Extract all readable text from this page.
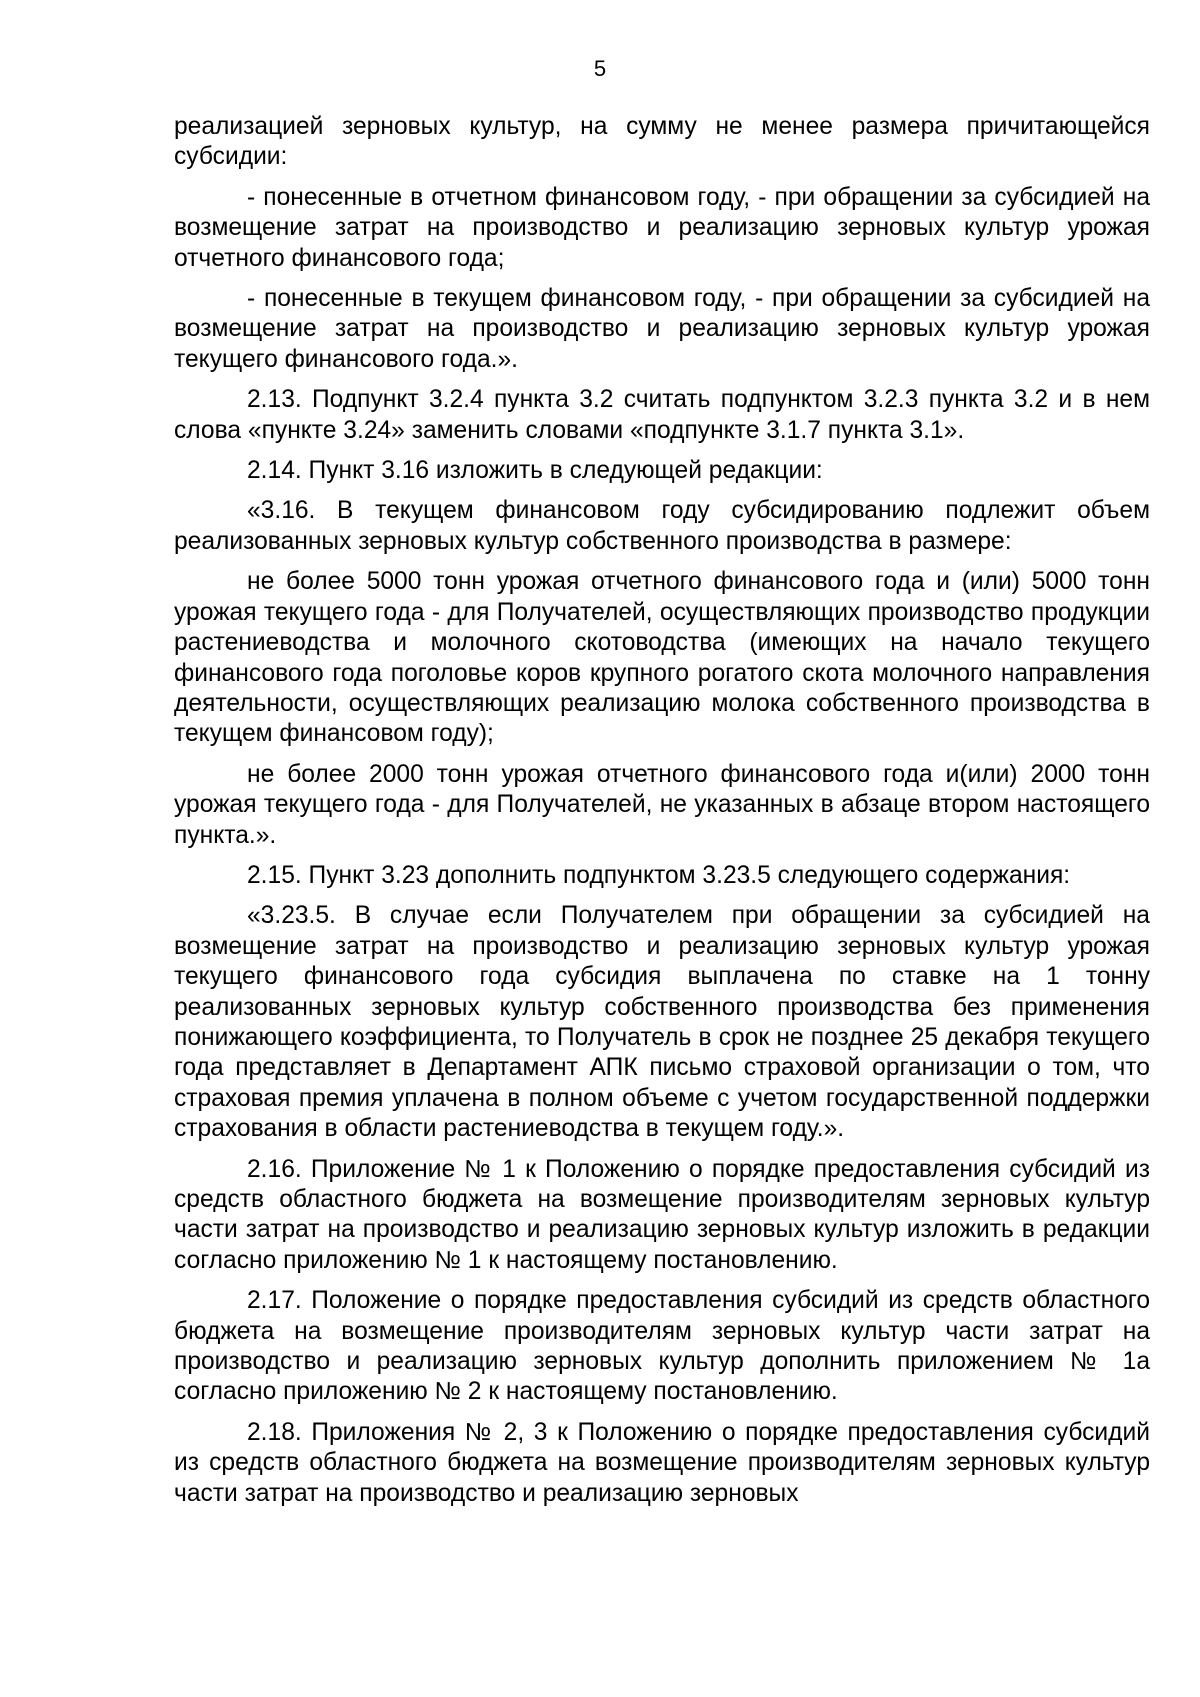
5

реализацией зерновых культур, на сумму не менее размера причитающейся субсидии:

- понесенные в отчетном финансовом году, - при обращении за субсидией на возмещение затрат на производство и реализацию зерновых культур урожая отчетного финансового года;

- понесенные в текущем финансовом году, - при обращении за субсидией на возмещение затрат на производство и реализацию зерновых культур урожая текущего финансового года.».

2.13. Подпункт 3.2.4 пункта 3.2 считать подпунктом 3.2.3 пункта 3.2 и в нем слова «пункте 3.24» заменить словами «подпункте 3.1.7 пункта 3.1».

2.14. Пункт 3.16 изложить в следующей редакции:

«3.16. В текущем финансовом году субсидированию подлежит объем реализованных зерновых культур собственного производства в размере:

не более 5000 тонн урожая отчетного финансового года и (или) 5000 тонн урожая текущего года - для Получателей, осуществляющих производство продукции растениеводства и молочного скотоводства (имеющих на начало текущего финансового года поголовье коров крупного рогатого скота молочного направления деятельности, осуществляющих реализацию молока собственного производства в текущем финансовом году);

не более 2000 тонн урожая отчетного финансового года и(или) 2000 тонн урожая текущего года - для Получателей, не указанных в абзаце втором настоящего пункта.».

2.15. Пункт 3.23 дополнить подпунктом 3.23.5 следующего содержания:

«3.23.5. В случае если Получателем при обращении за субсидией на возмещение затрат на производство и реализацию зерновых культур урожая текущего финансового года субсидия выплачена по ставке на 1 тонну реализованных зерновых культур собственного производства без применения понижающего коэффициента, то Получатель в срок не позднее 25 декабря текущего года представляет в Департамент АПК письмо страховой организации о том, что страховая премия уплачена в полном объеме с учетом государственной поддержки страхования в области растениеводства в текущем году.».

2.16. Приложение № 1 к Положению о порядке предоставления субсидий из средств областного бюджета на возмещение производителям зерновых культур части затрат на производство и реализацию зерновых культур изложить в редакции согласно приложению № 1 к настоящему постановлению.

2.17. Положение о порядке предоставления субсидий из средств областного бюджета на возмещение производителям зерновых культур части затрат на производство и реализацию зерновых культур дополнить приложением № 1а согласно приложению № 2 к настоящему постановлению.

2.18. Приложения № 2, 3 к Положению о порядке предоставления субсидий из средств областного бюджета на возмещение производителям зерновых культур части затрат на производство и реализацию зерновых
